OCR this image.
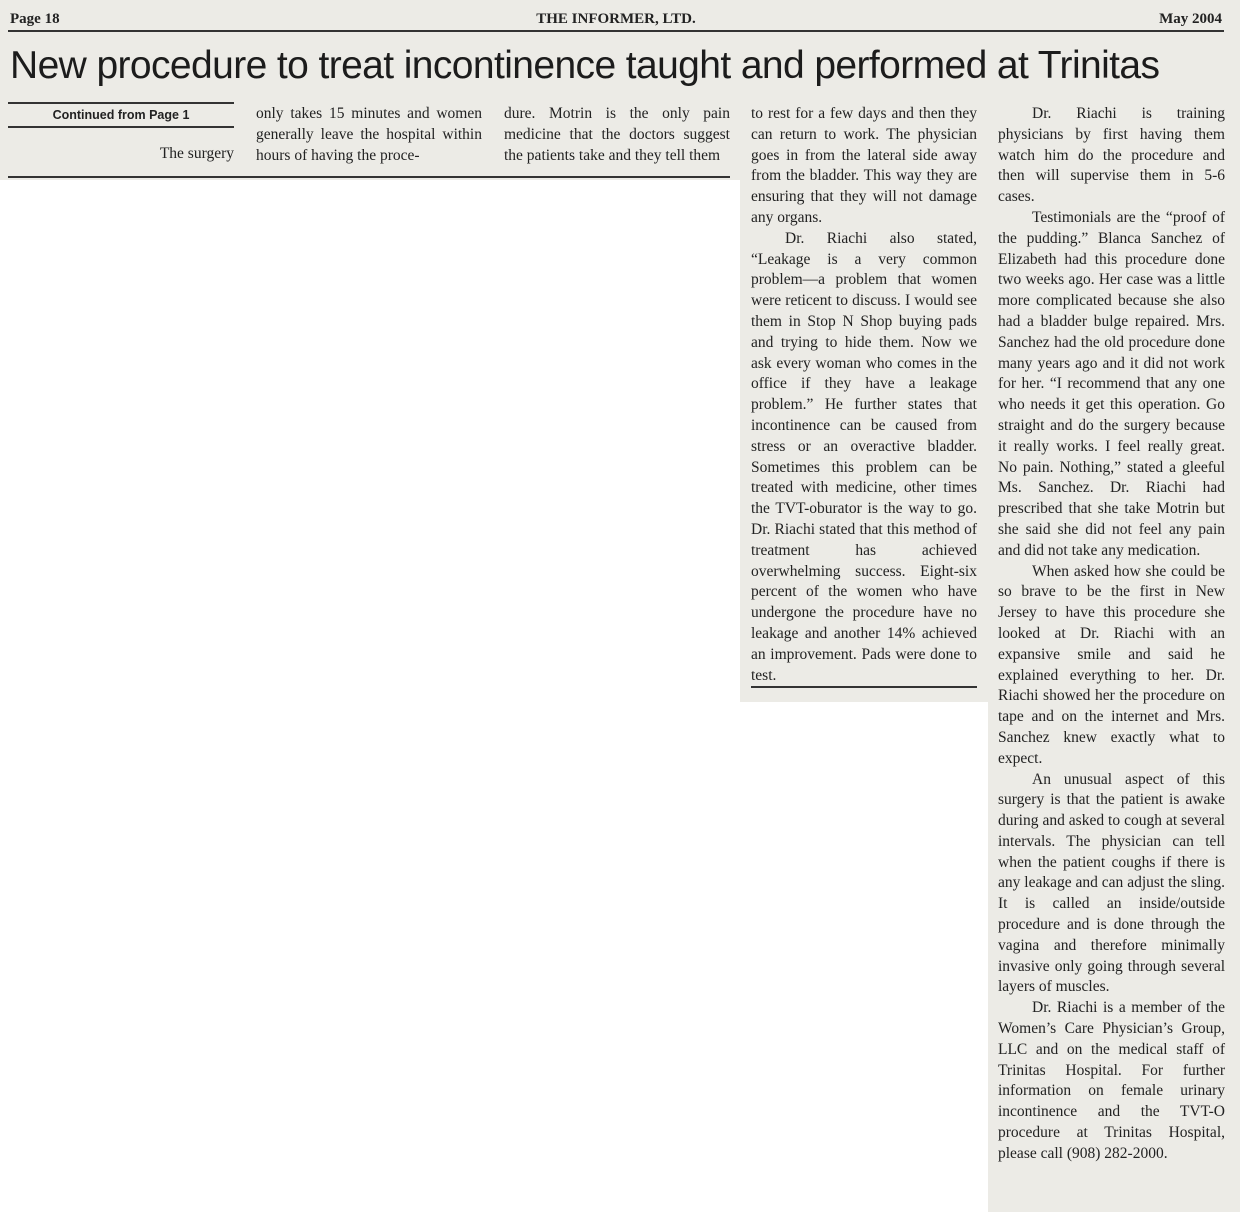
Page 18	THE INFORMER, LTD.	May 2004
New procedure to treat incontinence taught and performed at Trinitas
Continued from Page 1
The surgery

only takes 15 minutes and women generally leave the hospital within hours of having the proce-

dure. Motrin is the only pain medicine that the doctors suggest the patients take and they tell them

to rest for a few days and then they can return to work. The physician goes in from the lateral side away from the bladder. This way they are ensuring that they will not damage any organs.

Dr. Riachi also stated, “Leakage is a very common problem—a problem that women were reticent to discuss. I would see them in Stop N Shop buying pads and trying to hide them. Now we ask every woman who comes in the office if they have a leakage problem.” He further states that incontinence can be caused from stress or an overactive bladder. Sometimes this problem can be treated with medicine, other times the TVT-oburator is the way to go. Dr. Riachi stated that this method of treatment has achieved overwhelming success. Eight-six percent of the women who have undergone the procedure have no leakage and another 14% achieved an improvement. Pads were done to test.

Dr. Riachi is training physicians by first having them watch him do the procedure and then will supervise them in 5-6 cases.

Testimonials are the “proof of the pudding.” Blanca Sanchez of Elizabeth had this procedure done two weeks ago. Her case was a little more complicated because she also had a bladder bulge repaired. Mrs. Sanchez had the old procedure done many years ago and it did not work for her. “I recommend that any one who needs it get this operation. Go straight and do the surgery because it really works. I feel really great. No pain. Nothing,” stated a gleeful Ms. Sanchez. Dr. Riachi had prescribed that she take Motrin but she said she did not feel any pain and did not take any medication.

When asked how she could be so brave to be the first in New Jersey to have this procedure she looked at Dr. Riachi with an expansive smile and said he explained everything to her. Dr. Riachi showed her the procedure on tape and on the internet and Mrs. Sanchez knew exactly what to expect.

An unusual aspect of this surgery is that the patient is awake during and asked to cough at several intervals. The physician can tell when the patient coughs if there is any leakage and can adjust the sling. It is called an inside/outside procedure and is done through the vagina and therefore minimally invasive only going through several layers of muscles.

Dr. Riachi is a member of the Women’s Care Physician’s Group, LLC and on the medical staff of Trinitas Hospital. For further information on female urinary incontinence and the TVT-O procedure at Trinitas Hospital, please call (908) 282-2000.
